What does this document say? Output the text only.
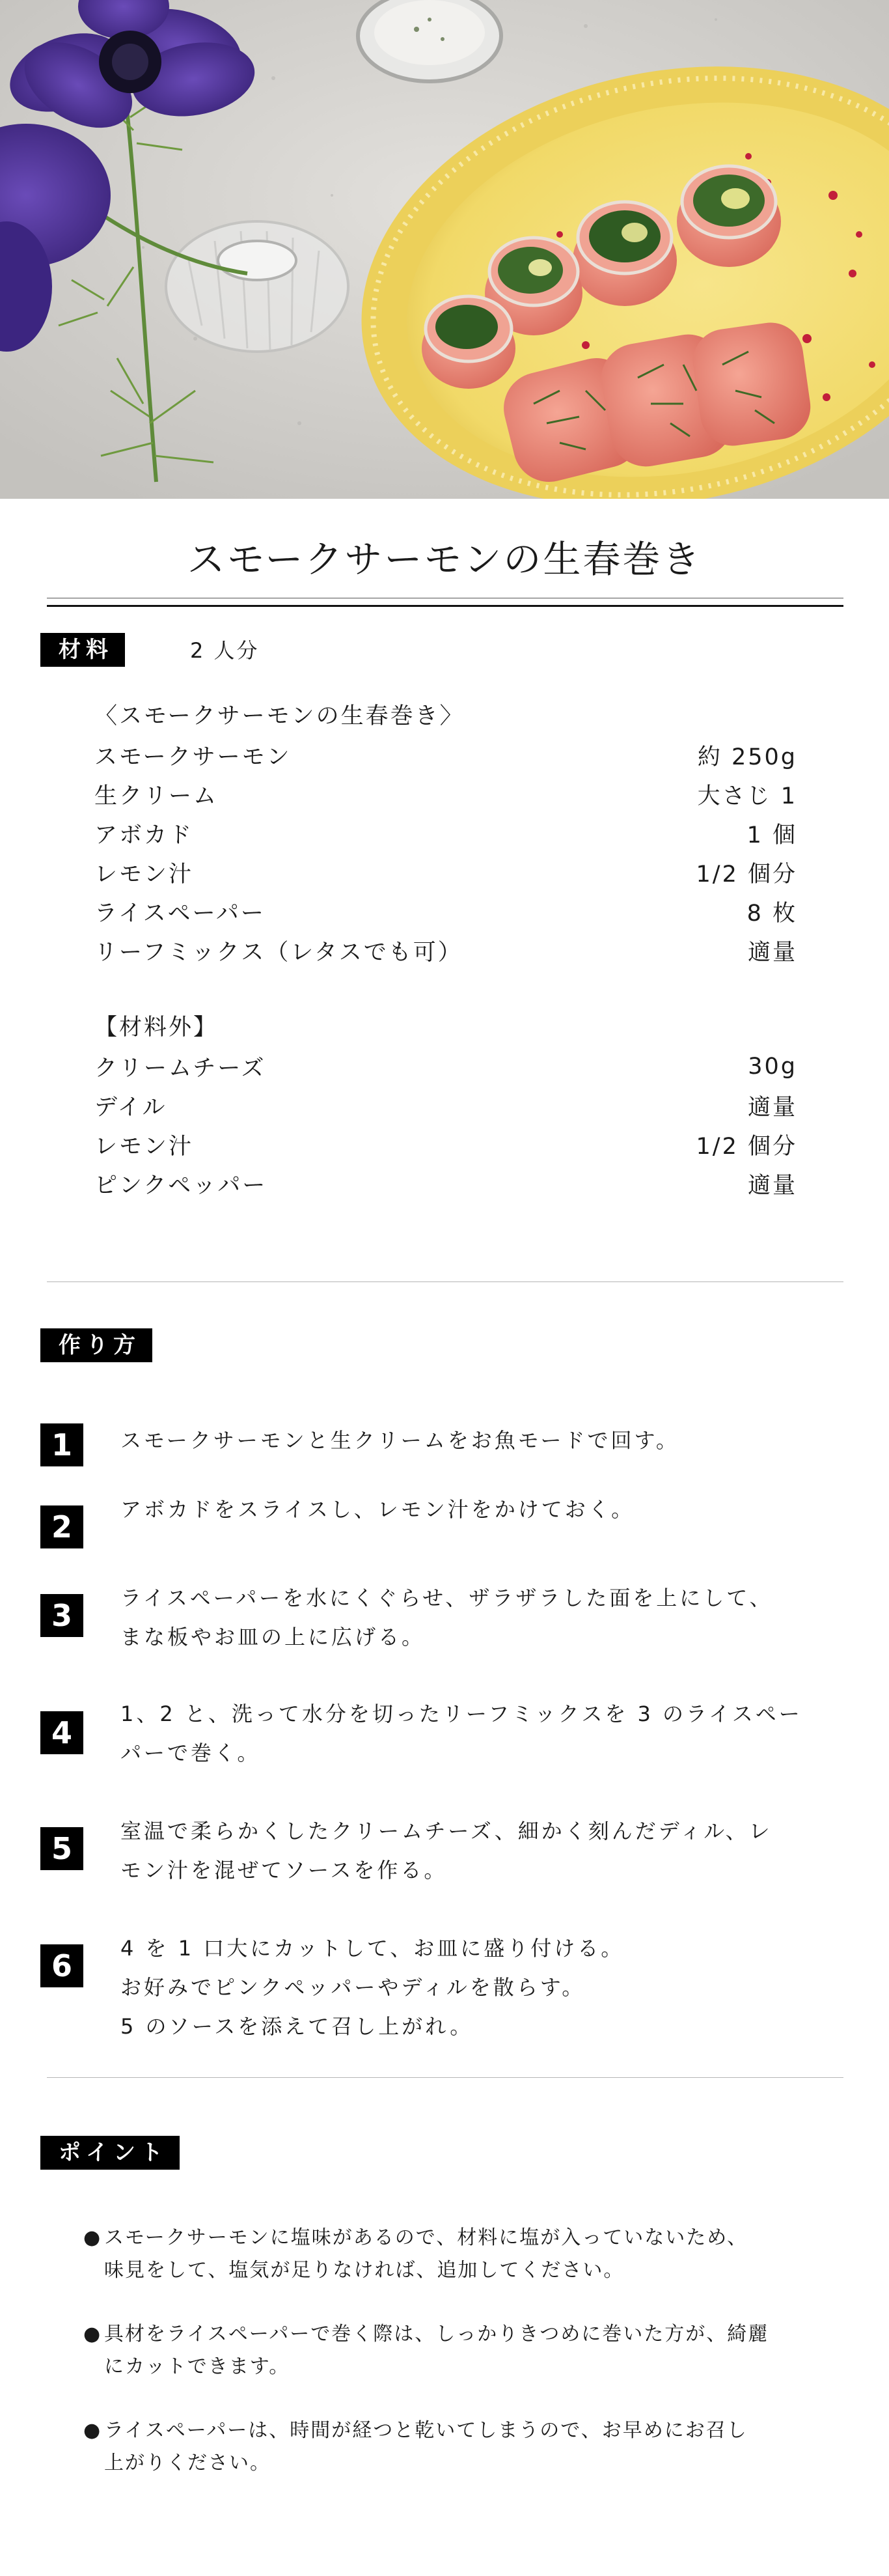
スモークサーモンの生春巻き
材料	2 人分
〈スモークサーモンの生春巻き〉
スモークサーモン	約 250g
生クリーム	大さじ 1
アボカド	1 個
レモン汁	1/2 個分
ライスペーパー	8 枚
リーフミックス（レタスでも可）	適量
【材料外】
クリームチーズ	30g
デイル	適量
レモン汁	1/2 個分
ピンクペッパー	適量
作り方
1	スモークサーモンと生クリームをお魚モードで回す。
2	アボカドをスライスし、レモン汁をかけておく。
3	ライスペーパーを水にくぐらせ、ザラザラした面を上にして、
まな板やお皿の上に広げる。
4
1、2 と、洗って水分を切ったリーフミックスを 3 のライスペー
パーで巻く。
5	室温で柔らかくしたクリームチーズ、細かく刻んだディル、レ
モン汁を混ぜてソースを作る。
6	4 を 1 口大にカットして、お皿に盛り付ける。
お好みでピンクペッパーやディルを散らす。
5 のソースを添えて召し上がれ。
ポイント
● スモークサーモンに塩味があるので、材料に塩が入っていないため、
味見をして、塩気が足りなければ、追加してください。
● 具材をライスペーパーで巻く際は、しっかりきつめに巻いた方が、綺麗
にカットできます。
● ライスペーパーは、時間が経つと乾いてしまうので、お早めにお召し
上がりください。
